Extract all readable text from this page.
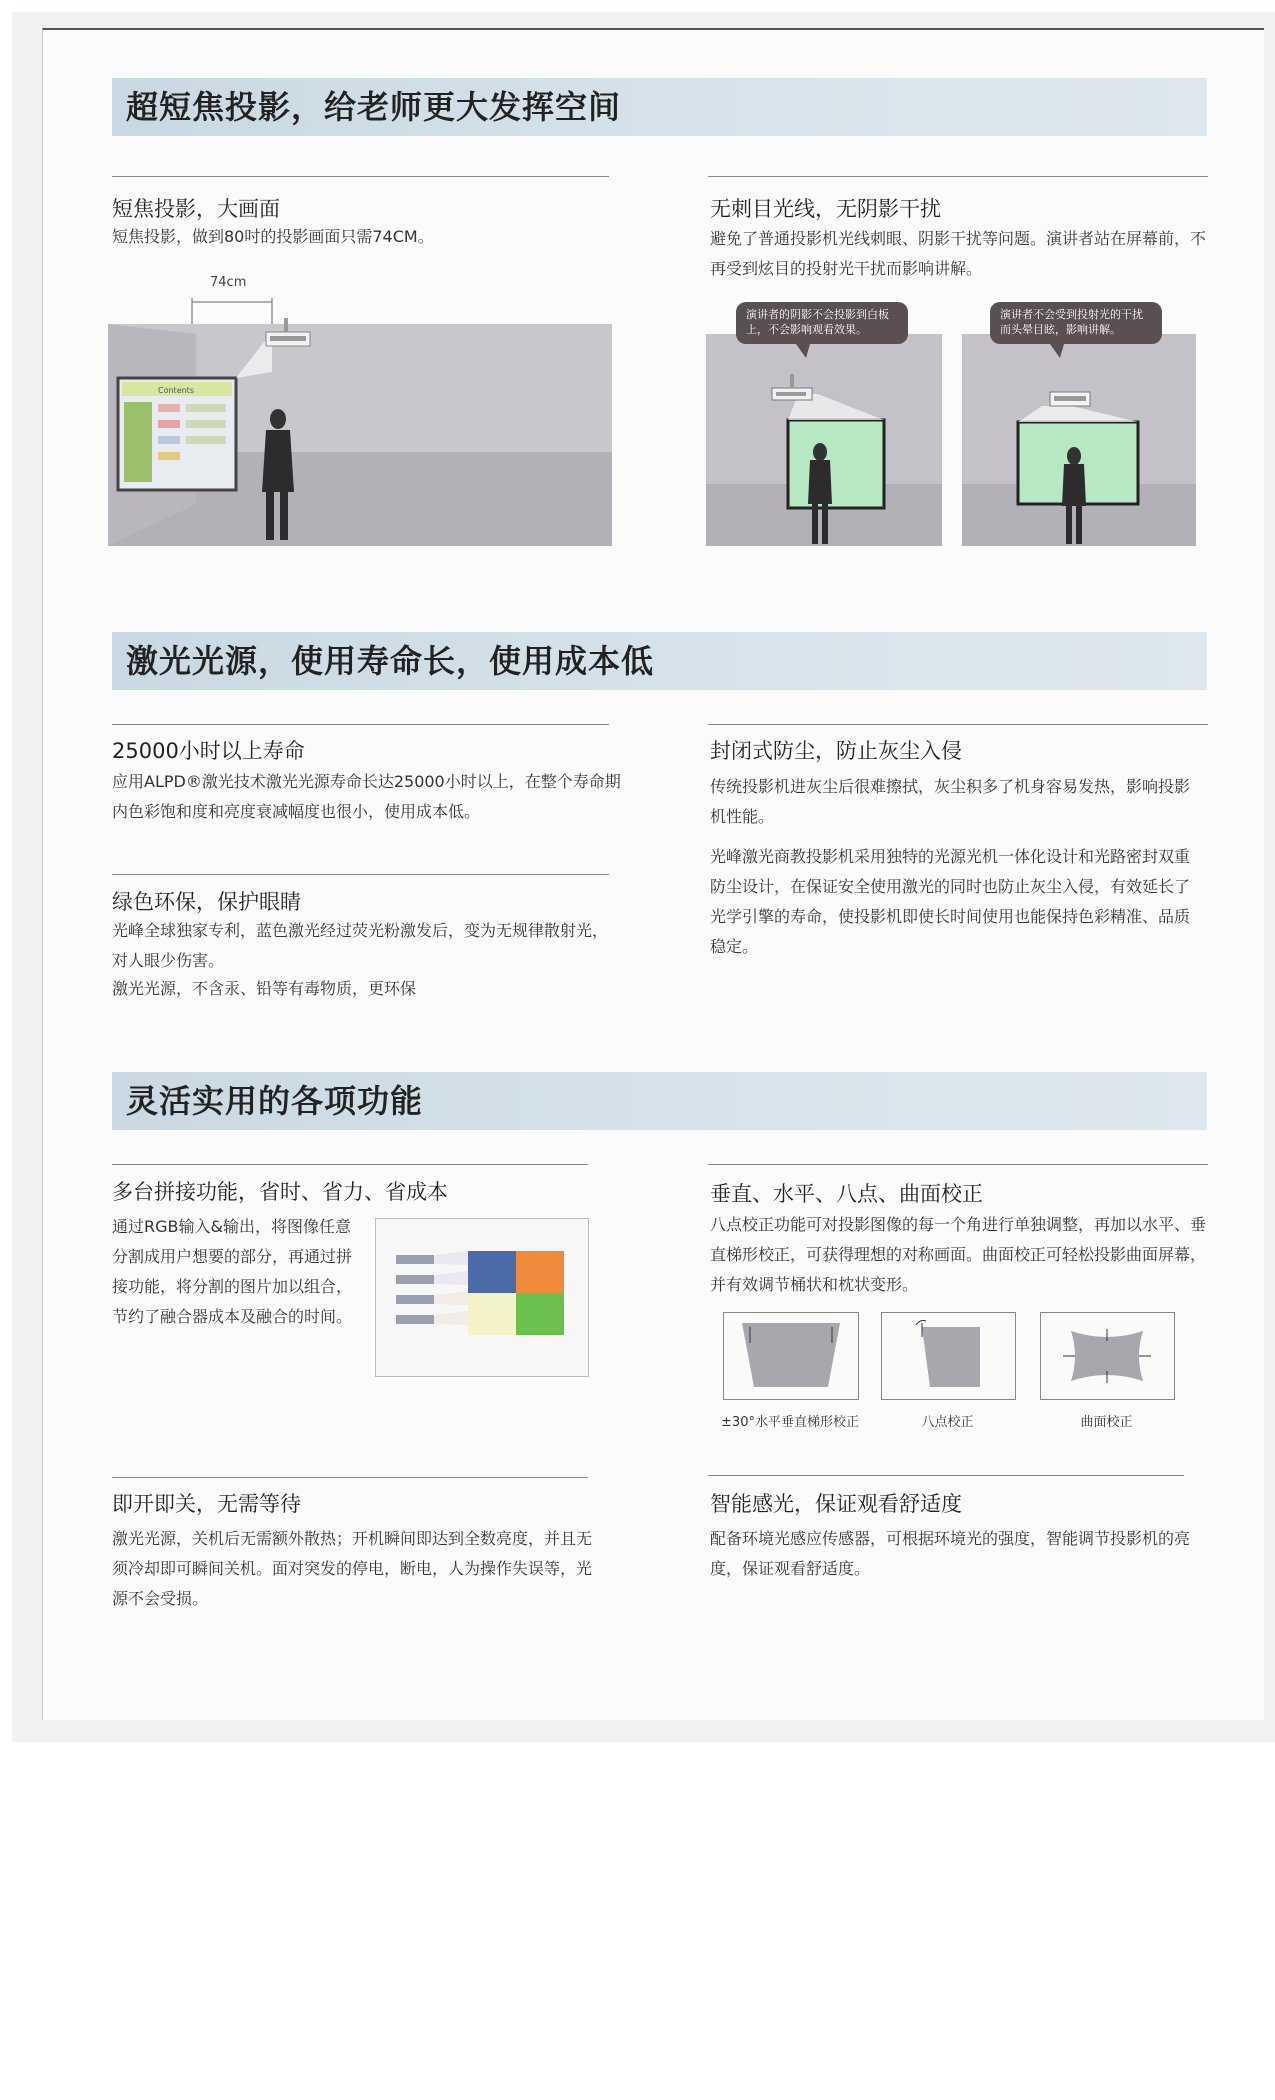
超短焦投影，给老师更大发挥空间
短焦投影，大画面
短焦投影，做到80吋的投影画面只需74CM。
74cm
Contents
无刺目光线，无阴影干扰
避免了普通投影机光线刺眼、阴影干扰等问题。演讲者站在屏幕前，不再受到炫目的投射光干扰而影响讲解。
演讲者的阴影不会投影到白板上，不会影响观看效果。
演讲者不会受到投射光的干扰而头晕目眩，影响讲解。
激光光源，使用寿命长，使用成本低
25000小时以上寿命
应用ALPD®激光技术激光光源寿命长达25000小时以上，在整个寿命期内色彩饱和度和亮度衰减幅度也很小，使用成本低。
绿色环保，保护眼睛
光峰全球独家专利，蓝色激光经过荧光粉激发后，变为无规律散射光，对人眼少伤害。
激光光源，不含汞、铅等有毒物质，更环保
封闭式防尘，防止灰尘入侵
传统投影机进灰尘后很难擦拭，灰尘积多了机身容易发热，影响投影机性能。
光峰激光商教投影机采用独特的光源光机一体化设计和光路密封双重防尘设计，在保证安全使用激光的同时也防止灰尘入侵，有效延长了光学引擎的寿命，使投影机即使长时间使用也能保持色彩精准、品质稳定。
灵活实用的各项功能
多台拼接功能，省时、省力、省成本
通过RGB输入&输出，将图像任意分割成用户想要的部分，再通过拼接功能，将分割的图片加以组合，节约了融合器成本及融合的时间。
垂直、水平、八点、曲面校正
八点校正功能可对投影图像的每一个角进行单独调整，再加以水平、垂直梯形校正，可获得理想的对称画面。曲面校正可轻松投影曲面屏幕，并有效调节桶状和枕状变形。
±30°水平垂直梯形校正	八点校正	曲面校正
即开即关，无需等待
激光光源，关机后无需额外散热；开机瞬间即达到全数亮度，并且无须冷却即可瞬间关机。面对突发的停电，断电，人为操作失误等，光源不会受损。
智能感光，保证观看舒适度
配备环境光感应传感器，可根据环境光的强度，智能调节投影机的亮度，保证观看舒适度。
